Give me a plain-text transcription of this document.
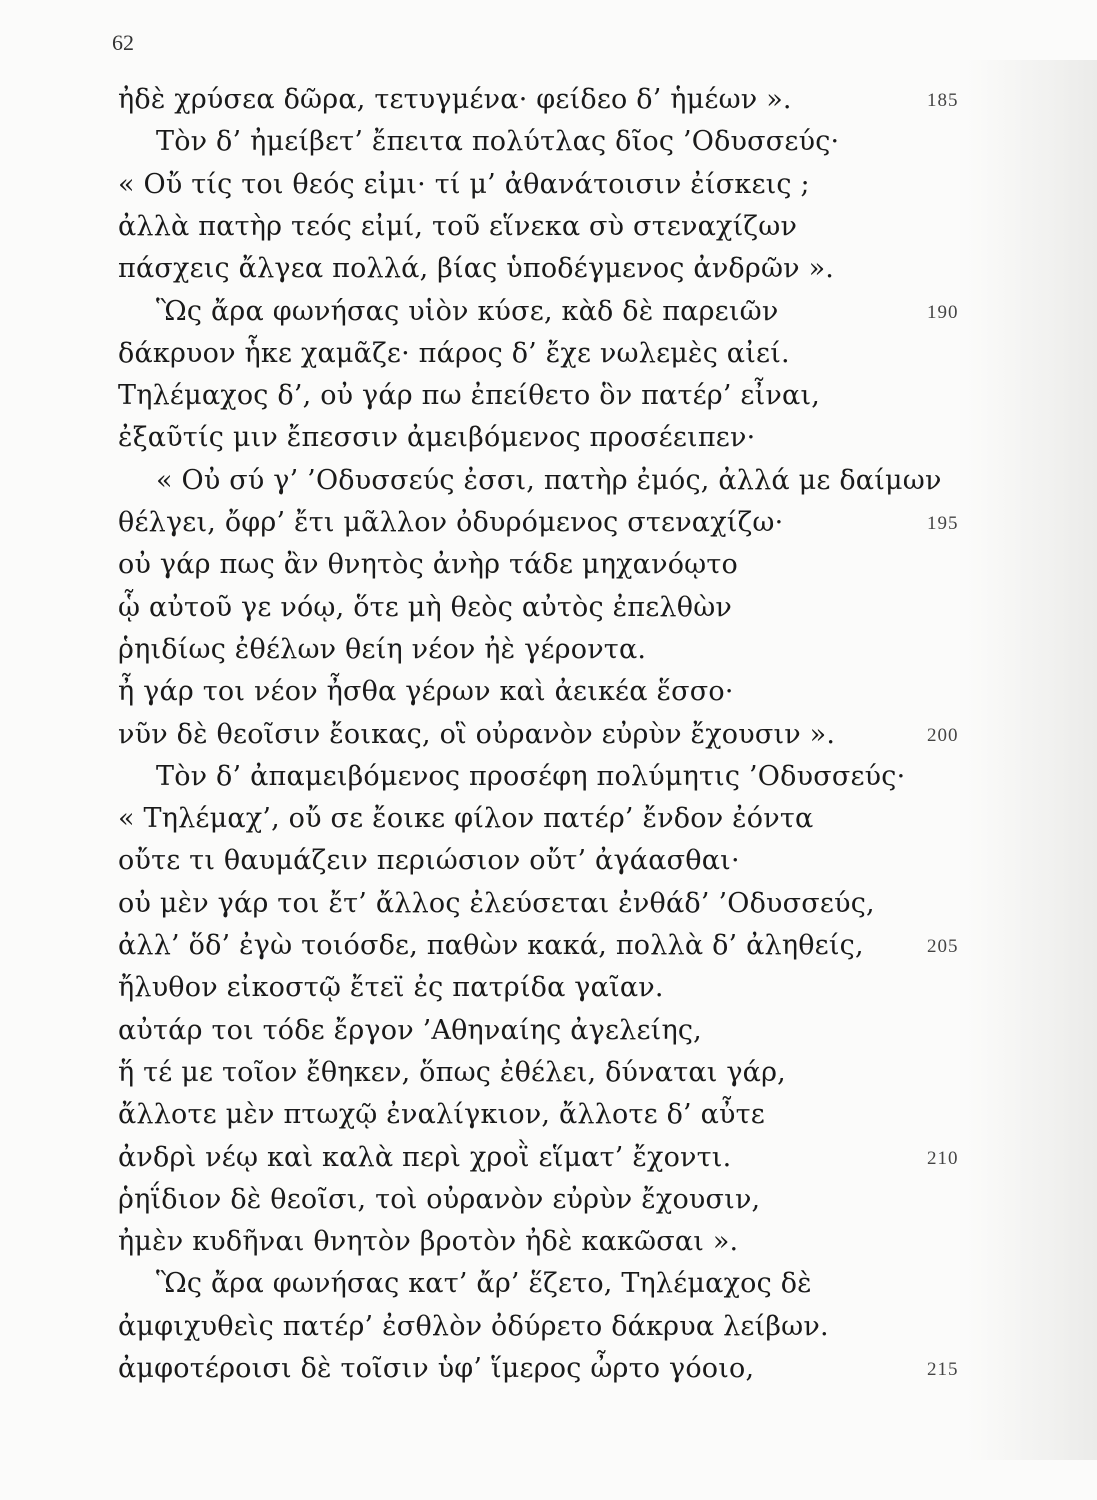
62
ἠδὲ χρύσεα δῶρα, τετυγμένα· φείδεο δ’ ἡμέων ».	185
Τὸν δ’ ἠμείβετ’ ἔπειτα πολύτλας δῖος ’Οδυσσεύς·
« Οὔ τίς τοι θεός εἰμι· τί μ’ ἀθανάτοισιν ἐίσκεις ;
ἀλλὰ πατὴρ τεός εἰμί, τοῦ εἵνεκα σὺ στεναχίζων
πάσχεις ἄλγεα πολλά, βίας ὑποδέγμενος ἀνδρῶν ».
Ὣς ἄρα φωνήσας υἱὸν κύσε, κὰδ δὲ παρειῶν	190
δάκρυον ἧκε χαμᾶζε· πάρος δ’ ἔχε νωλεμὲς αἰεί.
Τηλέμαχος δ’, οὐ γάρ πω ἐπείθετο ὃν πατέρ’ εἶναι,
ἐξαῦτίς μιν ἔπεσσιν ἀμειβόμενος προσέειπεν·
« Οὐ σύ γ’ ’Οδυσσεύς ἐσσι, πατὴρ ἐμός, ἀλλά με δαίμων
θέλγει, ὄφρ’ ἔτι μᾶλλον ὀδυρόμενος στεναχίζω·	195
οὐ γάρ πως ἂν θνητὸς ἀνὴρ τάδε μηχανόῳτο
ᾧ αὐτοῦ γε νόῳ, ὅτε μὴ θεὸς αὐτὸς ἐπελθὼν
ῥηιδίως ἐθέλων θείη νέον ἠὲ γέροντα.
ἦ γάρ τοι νέον ἦσθα γέρων καὶ ἀεικέα ἕσσο·
νῦν δὲ θεοῖσιν ἔοικας, οἳ οὐρανὸν εὐρὺν ἔχουσιν ».	200
Τὸν δ’ ἀπαμειβόμενος προσέφη πολύμητις ’Οδυσσεύς·
« Τηλέμαχ’, οὔ σε ἔοικε φίλον πατέρ’ ἔνδον ἐόντα
οὔτε τι θαυμάζειν περιώσιον οὔτ’ ἀγάασθαι·
οὐ μὲν γάρ τοι ἔτ’ ἄλλος ἐλεύσεται ἐνθάδ’ ’Οδυσσεύς,
ἀλλ’ ὅδ’ ἐγὼ τοιόσδε, παθὼν κακά, πολλὰ δ’ ἀληθείς,	205
ἤλυθον εἰκοστῷ ἔτεϊ ἐς πατρίδα γαῖαν.
αὐτάρ τοι τόδε ἔργον ’Αθηναίης ἀγελείης,
ἥ τέ με τοῖον ἔθηκεν, ὅπως ἐθέλει, δύναται γάρ,
ἄλλοτε μὲν πτωχῷ ἐναλίγκιον, ἄλλοτε δ’ αὖτε
ἀνδρὶ νέῳ καὶ καλὰ περὶ χροῒ εἵματ’ ἔχοντι.	210
ῥηΐδιον δὲ θεοῖσι, τοὶ οὐρανὸν εὐρὺν ἔχουσιν,
ἠμὲν κυδῆναι θνητὸν βροτὸν ἠδὲ κακῶσαι ».
Ὣς ἄρα φωνήσας κατ’ ἄρ’ ἕζετο, Τηλέμαχος δὲ
ἀμφιχυθεὶς πατέρ’ ἐσθλὸν ὀδύρετο δάκρυα λείβων.
ἀμφοτέροισι δὲ τοῖσιν ὑφ’ ἵμερος ὦρτο γόοιο,	215
